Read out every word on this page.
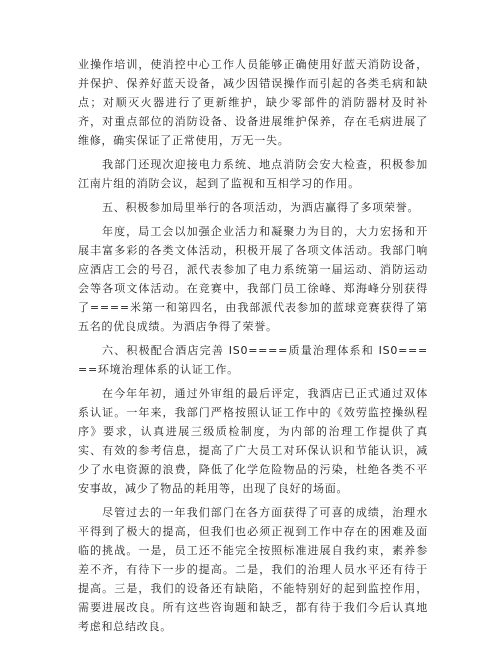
业操作培训，使消控中心工作人员能够正确使用好蓝天消防设备，并保护、保养好蓝天设备，减少因错误操作而引起的各类毛病和缺点；对顺灭火器进行了更新维护，缺少零部件的消防器材及时补齐，对重点部位的消防设备、设备进展维护保养，存在毛病进展了维修，确实保证了正常使用，万无一失。

我部门还现次迎接电力系统、地点消防会安大检查，积极参加江南片组的消防会议，起到了监视和互相学习的作用。

五、积极参加局里举行的各项活动，为酒店赢得了多项荣誉。

年度，局工会以加强企业活力和凝聚力为目的，大力宏扬和开展丰富多彩的各类文体活动，积极开展了各项文体活动。我部门响应酒店工会的号召，派代表参加了电力系统第一届运动、消防运动会等各项文体活动。在竞赛中，我部门员工徐峰、郑海峰分别获得了====米第一和第四名，由我部派代表参加的蓝球竞赛获得了第五名的优良成绩。为酒店争得了荣誉。

六、积极配合酒店完善 IS0====质量治理体系和 IS0=====环境治理体系的认证工作。

在今年年初，通过外审组的最后评定，我酒店已正式通过双体系认证。一年来，我部门严格按照认证工作中的《效劳监控操纵程序》要求，认真进展三级质检制度，为内部的治理工作提供了真实、有效的参考信息，提高了广大员工对环保认识和节能认识，减少了水电资源的浪费，降低了化学危险物品的污染，杜绝各类不平安事故，减少了物品的耗用等，出现了良好的场面。

尽管过去的一年我们部门在各方面获得了可喜的成绩，治理水平得到了极大的提高，但我们也必须正视到工作中存在的困难及面临的挑战。一是，员工还不能完全按照标准进展自我约束，素养参差不齐，有待下一步的提高。二是，我们的治理人员水平还有待于提高。三是，我们的设备还有缺陷，不能特别好的起到监控作用，需要进展改良。所有这些咨询题和缺乏，都有待于我们今后认真地考虑和总结改良。
